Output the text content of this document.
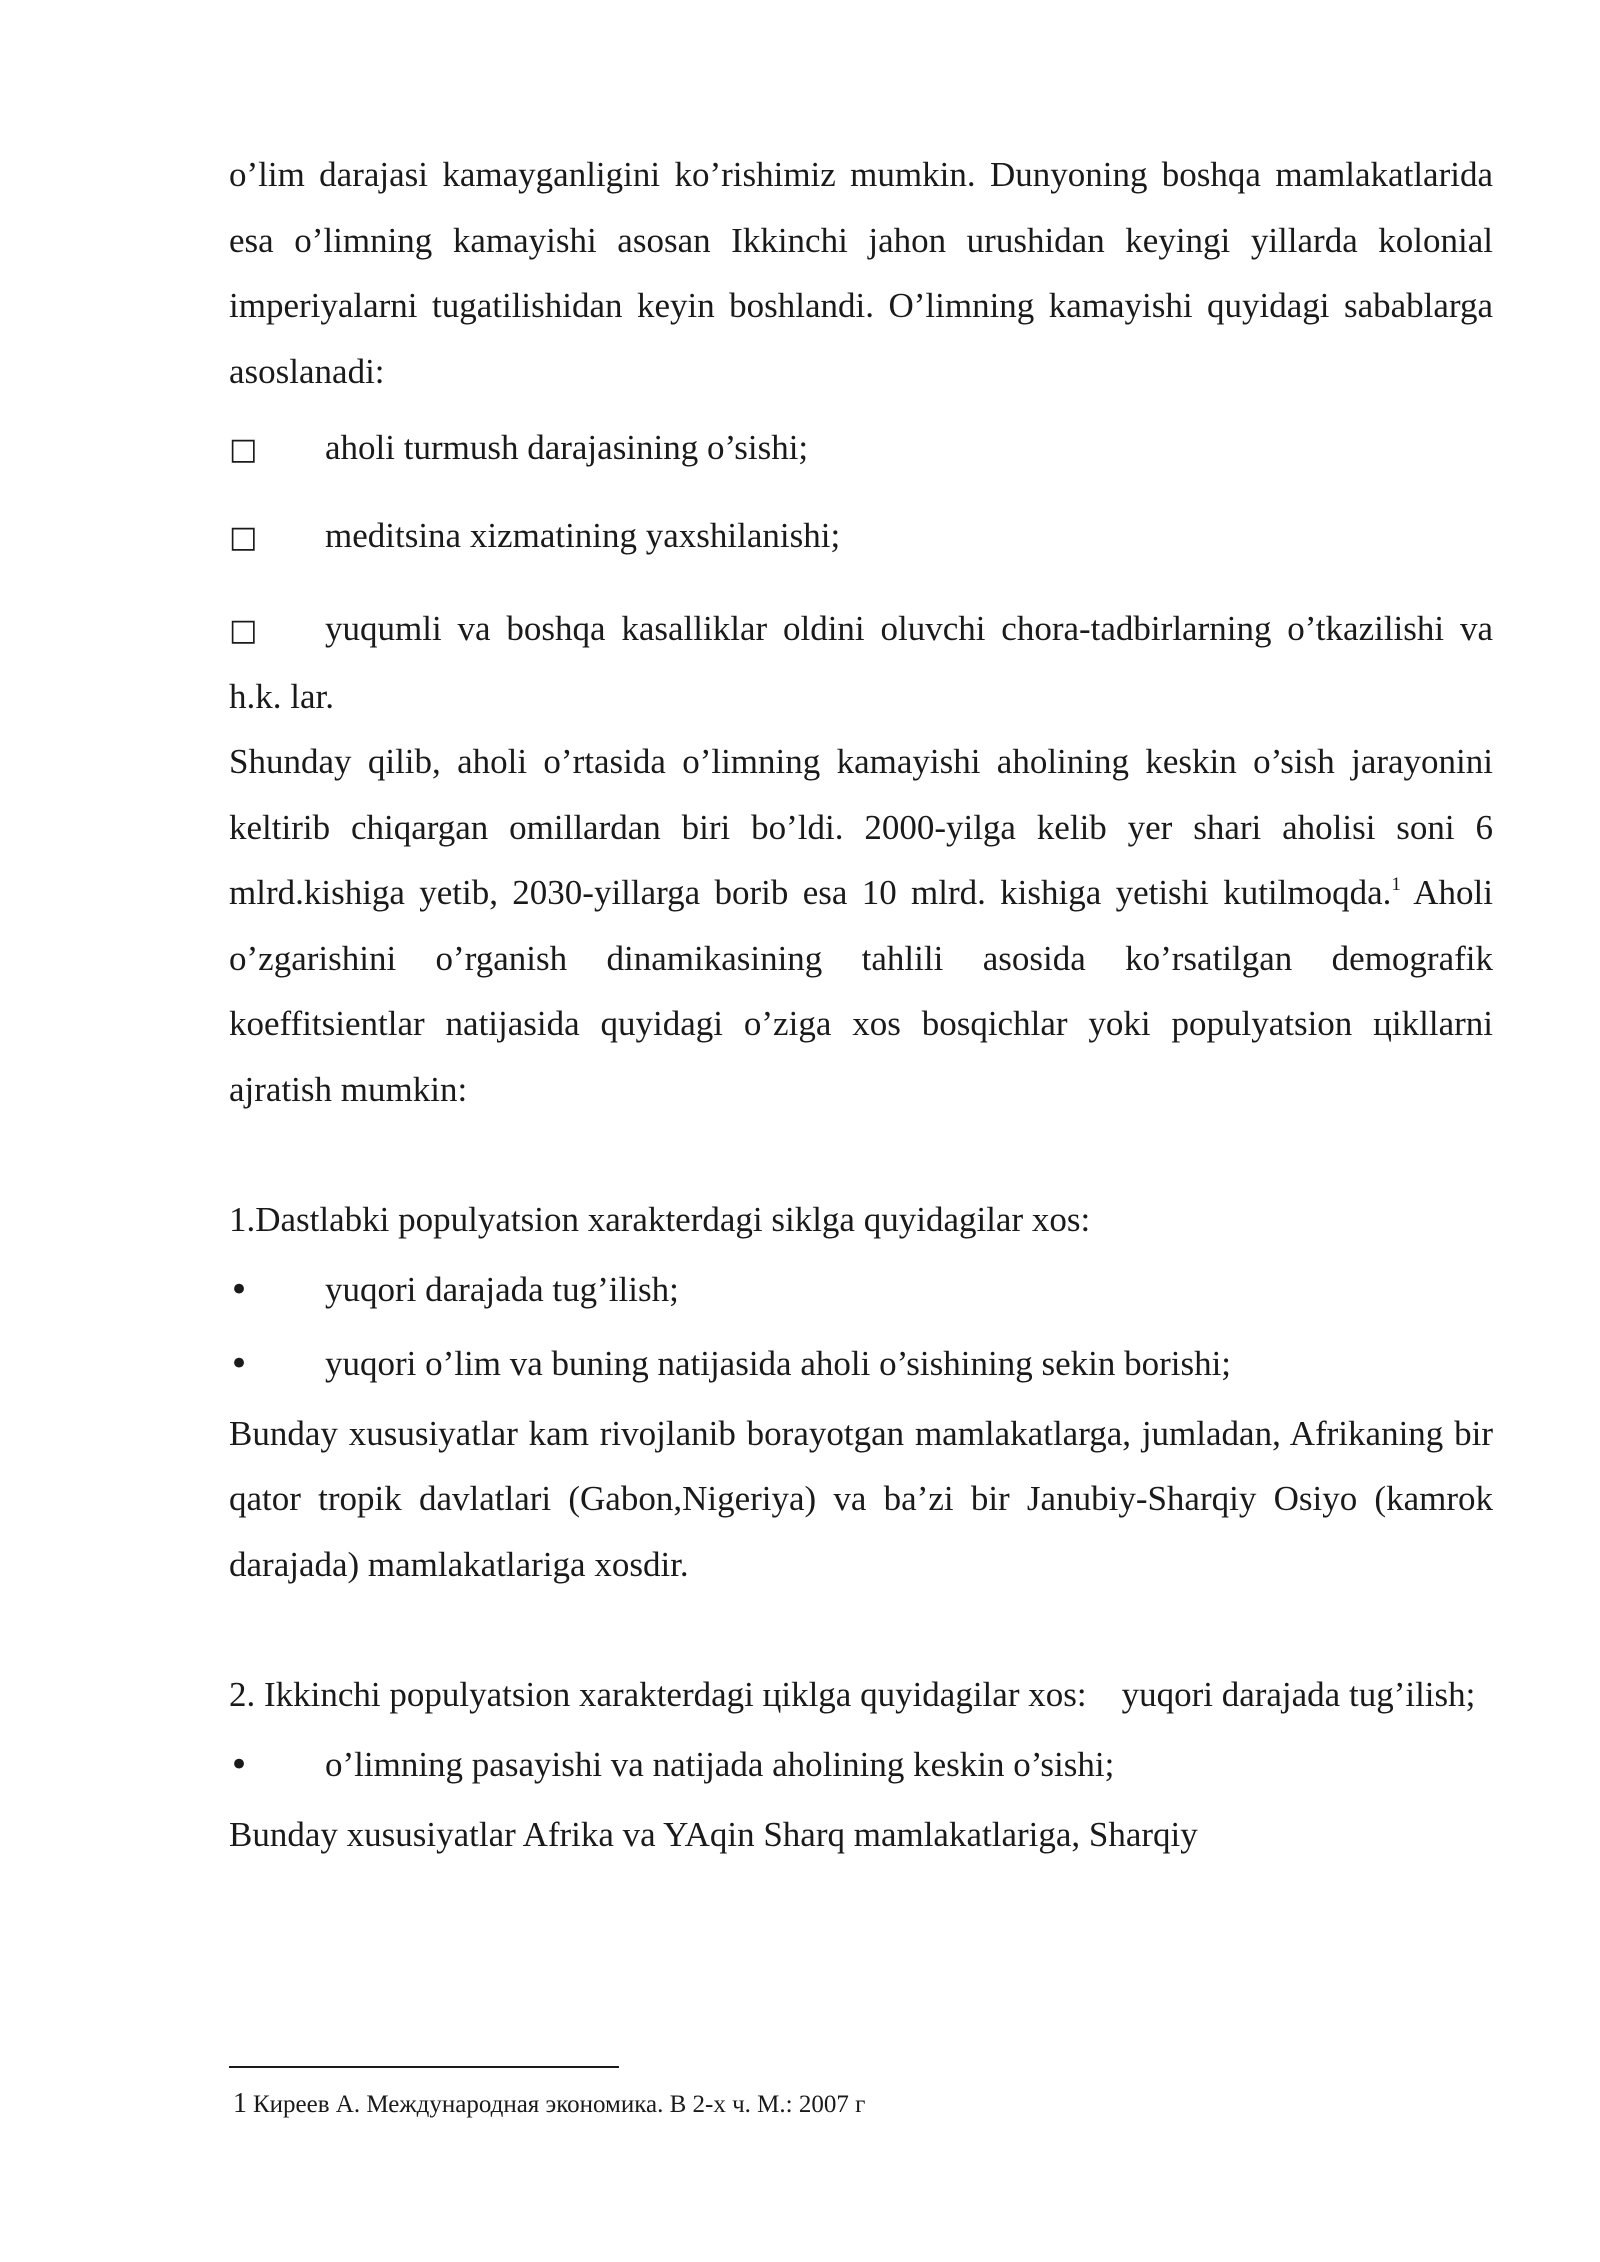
o’lim darajasi kamayganligini ko’rishimiz mumkin. Dunyoning boshqa mamlakatlarida esa o’limning kamayishi asosan Ikkinchi jahon urushidan keyingi yillarda kolonial imperiyalarni tugatilishidan keyin boshlandi. O’limning kamayishi quyidagi sabablarga asoslanadi:

□	aholi turmush darajasining o’sishi;
□	meditsina xizmatining yaxshilanishi;

□ yuqumli va boshqa kasalliklar oldini oluvchi chora-tadbirlarning o’tkazilishi va h.k. lar.

Shunday qilib, aholi o’rtasida o’limning kamayishi aholining keskin o’sish jarayonini keltirib chiqargan omillardan biri bo’ldi. 2000-yilga kelib yer shari aholisi soni 6 mlrd.kishiga yetib, 2030-yillarga borib esa 10 mlrd. kishiga yetishi kutilmoqda.$^1$ Aholi o’zgarishini o’rganish dinamikasining tahlili asosida ko’rsatilgan demografik koeffitsientlar natijasida quyidagi o’ziga xos bosqichlar yoki populyatsion цikllarni ajratish mumkin:

1.Dastlabki populyatsion xarakterdagi siklga quyidagilar xos:

•	yuqori darajada tug’ilish;
•	yuqori o’lim va buning natijasida aholi o’sishining sekin borishi;

Bunday xususiyatlar kam rivojlanib borayotgan mamlakatlarga, jumladan, Afrikaning bir qator tropik davlatlari (Gabon,Nigeriya) va ba’zi bir Janubiy-Sharqiy Osiyo (kamrok darajada) mamlakatlariga xosdir.

2. Ikkinchi populyatsion xarakterdagi цiklga quyidagilar xos:    yuqori darajada tug’ilish;

•	o’limning pasayishi va natijada aholining keskin o’sishi;

Bunday xususiyatlar Afrika va YAqin Sharq mamlakatlariga, Sharqiy

1 Киреев А. Международная экономика. В 2-х ч. М.: 2007 г
